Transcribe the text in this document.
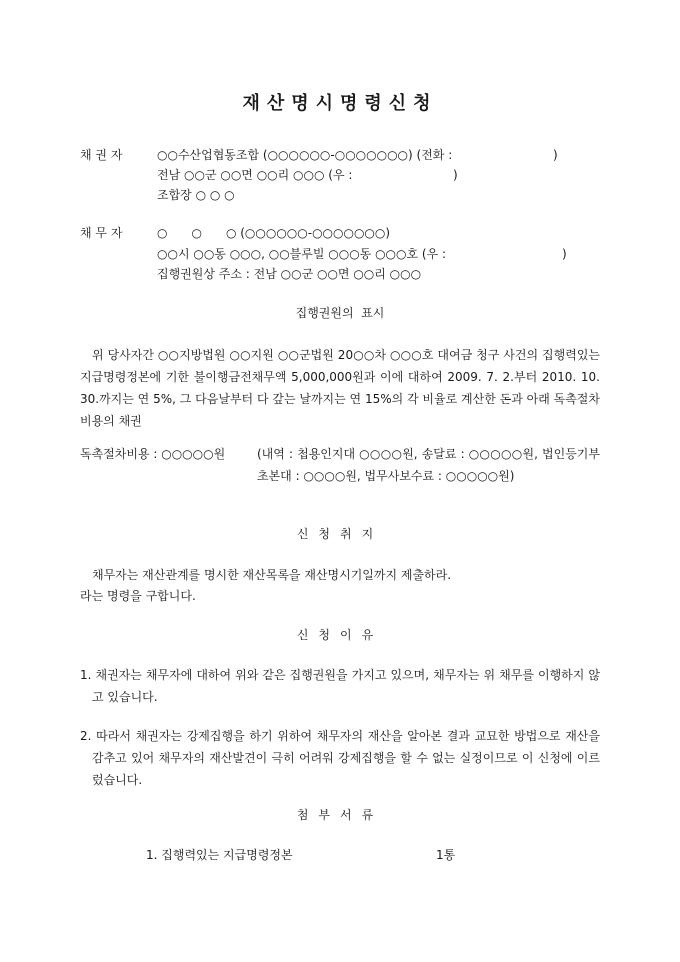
재산명시명령신청
채 권 자	○○수산업협동조합 (○○○○○○-○○○○○○○) (전화 :	)
전남 ○○군 ○○면 ○○리 ○○○ (우 :	)
조합장 ○ ○ ○
채 무 자	○　　○　　○ (○○○○○○-○○○○○○○)
○○시 ○○동 ○○○, ○○블루빌 ○○○동 ○○○호 (우 :	)
집행권원상 주소 : 전남 ○○군 ○○면 ○○리 ○○○
집행권원의  표시
위 당사자간 ○○지방법원 ○○지원 ○○군법원 20○○차 ○○○호 대여금 청구 사건의 집행력있는 지급명령정본에 기한 불이행금전채무액 5,000,000원과 이에 대하여 2009. 7. 2.부터 2010. 10. 30.까지는 연 5%, 그 다음날부터 다 갚는 날까지는 연 15%의 각 비율로 계산한 돈과 아래 독촉절차비용의 채권
독촉절차비용 : ○○○○○원	(내역 : 첩용인지대 ○○○○원, 송달료 : ○○○○○원, 법인등기부초본대 : ○○○○원, 법무사보수료 : ○○○○○원)
신청취지
채무자는 재산관계를 명시한 재산목록을 재산명시기일까지 제출하라.
라는 명령을 구합니다.
신청이유
1. 채권자는 채무자에 대하여 위와 같은 집행권원을 가지고 있으며, 채무자는 위 채무를 이행하지 않고 있습니다.
2. 따라서 채권자는 강제집행을 하기 위하여 채무자의 재산을 알아본 결과 교묘한 방법으로 재산을 감추고 있어 채무자의 재산발견이 극히 어려워 강제집행을 할 수 없는 실정이므로 이 신청에 이르렀습니다.
첨부서류
1. 집행력있는 지급명령정본	1통
